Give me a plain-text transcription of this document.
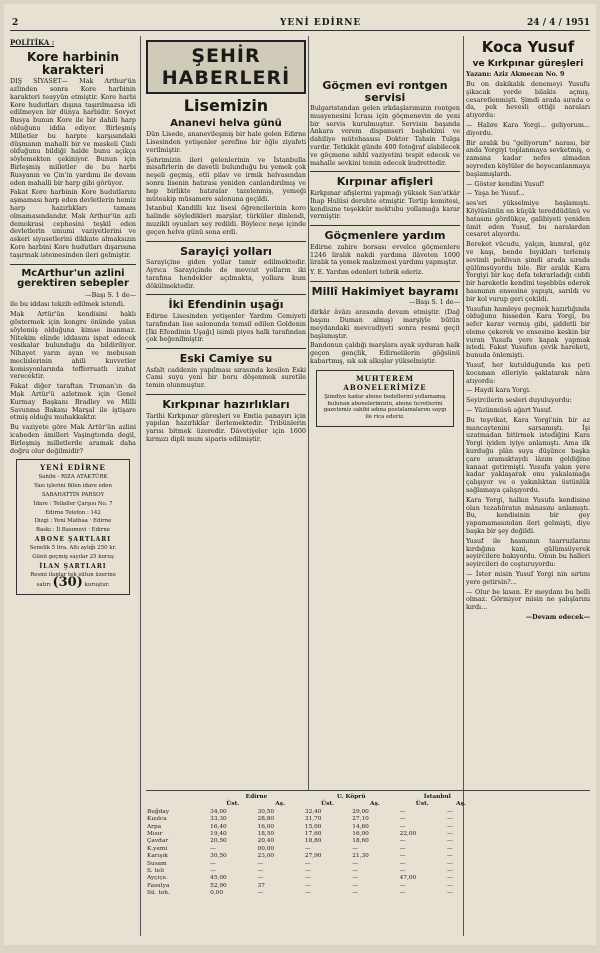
2	YENİ EDİRNE	24 / 4 / 1951
POLİTİKA :
Kore harbinin karakteri
DIŞ SİYASET— Mak Arthur'ün azlinden sonra Kore harbinin karakteri teayyün etmiştir. Kore harbi Kore hudutları dışına taşırılmazsa idi edilmeyen bir dünya harbidir. Sovyet Rusya bunun Kore ile bir dahili harp olduğunu iddia ediyor. Birleşmiş Milletler bu harpte karşısındaki düşmanın mahalli bir ve maskeli Çinli olduğunu bildiği halde bunu açıkça söylemekten çekiniyor. Bunun için Birleşmiş milletler de bu harbi Rusyanın ve Çin'in yardımı ile devam eden mahalli bir harp gibi görüyor.
Fakat Kore harbinin Kore hudutlarını aşmaması harp eden devletlerin hemiz harp hazırlıkları tamam olmamasındandır. Mak Arthur'ün azli demokrasi cephesini teşkil eden devletlerin umumi vaziyetlerini ve askeri siyasetlerini dikkate almaksızın Kore harbini Kore hudutları dışarısına taşırmak istemesinden ileri gelmiştir.
McArthur'un azlini gerektiren sebepler
—Başı S. 1 de—
ile bu iddası tekzib edilmek istendi.
Mak Artür'ün kendisini haklı göstermek için kongre önünde yalan söylemiş olduğuna kimse inanmaz. Nitekim elinde iddasını ispat edecek vesikalar bulunduğu da bildiriliyor. Nihayet yarın ayan ve mebusan meclislerinin ahili kuvvetler komisyonlarında tefferruatlı izahat verecektir.
Fakat diğer taraftan Truman'ın da Mak Artür'ü azletmek için Genel Kurmay Başkanı Bradley ve Milli Savunma Bakanı Marşal ile iştişare etmiş olduğu muhakkaktır.
Bu vaziyete göre Mak Artür'ün azlini icabeden âmilleri Vaşingtonda degil, Birleşmiş milletlerde aramak daha doğru olur değilmidir?
YENİ EDİRNE
Sahibi - RIZA ATAKTÜRK
Yazı işlerini fiilen idare eden
SABAHATTİN PARSOY
İdare : Tellaller Çarşısı No. 7
Edirne Telefon : 142
Dizgi : Yeni Matbaa · Edirne
Baskı : İl Basımevi · Edirne
ABONE ŞARTLARI
Senelik 5 lira. Altı aylığı 250 kr.
Günü geçmiş sayılar 25 kuruş
İLAN ŞARTLARI
Resmi ilanlar tek sütun üzerine
satırı (30) kuruştur.
ŞEHİR HABERLERİ
Lisemizin
Ananevi helva günü
Dün Lisede, ananevileşmiş bir hale gelen Edirne Lisesinden yetişenler şerefine bir öğle ziyafeti verilmiştir.
Şehrimizin ileri gelenlerinin ve İstanbulla misafirlerin de davetli bulunduğu bu yemek çok neşeli geçmiş, etli pilav ve irmik helvasından sonra lisenin hatırası yeniden canlandırılmış ve hep birlikte hatıralar tazelenmiş, yemeği müteakip müsamere salonuna geçildi.
İstanbul Kandilli kız lisesi öğrencilerinin koro halinde söyledikleri marşlar, türküler dinlendi, muzikli oyunları sey redildi. Böylece neşe içinde geçen helva günü sona erdi.
Sarayiçi yolları
Sarayiçine giden yollar tamir edilmektedir. Ayrıca Sarayiçinde de mevcut yolların iki tarafına hendekler açılmakta, yollara kum dökülmektedir.
İki Efendinin uşağı
Edirne Lisesinden yetişenler Yardım Cemiyeti tarafından lise salonunda temsil edilen Goldenin [İki Efendinin Uşağı] isimli piyes halk tarafından çok beğenilmiştir.
Eski Camiye su
Asfalt caddenin yapılması sırasında kesilen Eski Cami suyu yeni bir boru döşenmek suretile temin olunmuştur.
Kırkpınar hazırlıkları
Tarihi Kırkpınar güreşleri ve Emtia panayırı için yapılan hazırlıklar ilerlemektedir. Tribünlerin yarısı bitmek üzeredir. Dâvetiyeler için 1600 kırmızı dipli mum siparis edilmiştir.
Göçmen evi rontgen servisi
Bulgaristandan gelen ırkdaşlarımızın rontgen muayenesini İcrası için göçmenevin de yeni bir servis kurulmuştur. Servisin başında Ankara verem dispanseri başhekimi ve dahiliye mütehassısı Doktor Tahsin Tulga vardır. Tetkikât günde 400 fotoğraf alabilecek ve göçmene sıhhî vaziyetini tespit edecek ve mahalle sevkini temin edecek kudrettedir.
Kırpınar afişleri
Kırkpınar afişlerini yapmağı yüksek San'atkâr İhap Hulûsi deruhte etmiştir. Tertip komitesi, kendisine teşekkür mektubu yollamağa karar vermiştir.
Göçmenlere yardım
Edirne zahire borsası evvelce göçmenlere 1246 liralık nakdi yardıma ilâveten 1000 liralık ta yemek malzemesi yardımı yapmıştır.
Y. E. Yardım edenleri tebrik ederiz.
Millî Hakimiyet bayramı
—Başı S. 1 de—
dirkâr âvâzı arasında devam etmiştir. (Dağ başını Duman almış) marşiyle bütün meydandaki mevcudiyeti sonra resmi geçit başlamıştır.
Bandonun çaldığı marşlara ayak uyduran halk geçen gençlik, Edirnelilerin göğsünü kabartmış, sık sık alkışlar yükselmiştir.
MUHTEREM ABONELERİMİZE
Şimdiye kadar abone bedellerini yollamamış bulunan abonelerimizin, abone ücretlerini gazetemiz sahibi adına postalamalarını saygı ile rica ederiz.
Koca Yusuf
ve Kırkpınar güreşleri
Yazanı: Aziz Akmecan No. 9
Bu on dakikalık denemeyi Yusufu şikacak yerde bilakis açmış, cesaretlenmişti. Şimdi arada sırada o da, pek hevesli ettiği naraları atıyordu:
— Habre Kara Yorgi... geliyorum... diyordu.
Bir aralık bu "geliyorum" narası, bir anda Yorgiyi toplanmaya sevketmiş, o zamana kadar nefes almadan seyreden köylüler de heyecanlanmaya başlamışlardı.
— Göster kendini Yusuf!
— Yaşa be Yusuf...
ses'eri yükselmiye başlamıştı. Köylüsünün en küçük tereddüdünü ve hatasını gördükçe, galibiyeti yeniden ümit eden Yusuf, bu naralardan cesaret alıyordu.
Bereket vücudu, yalçın, kumral, göz ve kaşı, bende bıyıkları terlemiş sevimli pehlivan şimdi arada sırada gülümsüyordu bile. Bir aralık Kara Yorgiyi bir kaç defa tekrarladığı ciddi bir hareketle kendini teşebbüs ederek hasmının ensesine yapıştı, sarıldı ve bir kol vurup geri çekildi.
Yusufun hamleye geçmek hazırlığında olduğunu hisseden Kara Yorgi, bu sefer karar vermiş gibi, şiddetli bir eleme çekerek ve ensesine keskin bir vuran Yusufa yere kapak yapmak istedi. Fakat Yusufun çevik hareketi, bunuda önlemişti.
Yusuf, her kutulduğunda kıs peti kocaman elleriyle şaklatarak nâra atıyordu:
— Haydi kara Yorgi.
Seyircilerin sesleri duyuluyordu:
— Yüzünmüsü ağart Yusuf.
Bu teşvikat, Kara Yorgi'nin bir az mancaytenini sarsamıştı. İşi uzatmadan bitirmek istediğini Kara Yorgi iyiden iyiye anlamıştı. Ama ilk kurduğu plân suya düşünce başka çare aramaktaydı lâzım geldiğine kanaat getirmişti. Yusufa yakın yere kadar yaklaşarak onu yakalamağa çalışıyor ve o yakınlıktan üstünlük sağlamaya çalışıyordu.
Kara Yorgi, halkın Yusufa kendisine olan tezahüratın mânasını anlamıştı. Bu, kendisinin bir gey yapamamasından ileri gelmişti, diye başka bir şey değildi.
Yusuf ile hasmının taarruzlarını kırdığına kani, gülümsüyerek seyircilere bakıyordu. Onun bu halleri seyircileri de coşturuyordu:
— İster misin Yusuf Yorgi nin sırtını yere getirsin?...
— Olur be kısan. Er meydanı bu belli olmaz. Görmiyor misin ne şalışlarını kırdı...
—Devam edecek—
	Edirne		U. Köprü		İstanbul	
	Üst.	Aş.	Üst.	Aş.	Üst.	Aş.
Buğday	34,00	30,50	32,40	29,00	—	—
Kızılca	33,30	28,80	31,70	27,10	—	—
Arpa	16,40	16,00	15,00	14,60	—	—
Mısır	19,40	18,50	17,60	16,00	22,00	—
Çavdar	20,50	20,40	18,80	18,60	—	—
K.yemi	—	00,00	—	—	—	—
Karışık	30,50	23,00	27,90	21,30	—	—
Susam	—	—	—	—	—	—
S. teli	—	—	—	—	—	—
Ayçiçe.	45,00	—	—	—	47,00	—
Fasulya	52,90	37	—	—	—	—
Sü. toh.	0,00	—	—	—	—	—
